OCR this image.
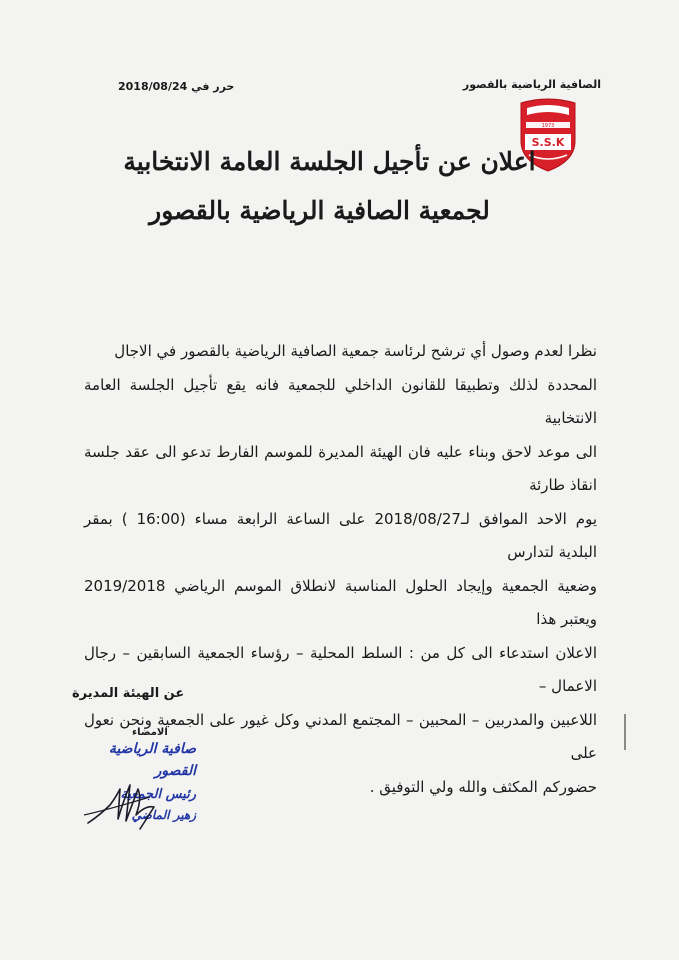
الصافية الرياضية بالقصور
1973
S.S.K
حرر في 2018/08/24
اعلان عن تأجيل الجلسة العامة الانتخابية
لجمعية الصافية الرياضية بالقصور

نظرا لعدم وصول أي ترشح لرئاسة جمعية الصافية الرياضية بالقصور في الاجال

المحددة لذلك وتطبيقا للقانون الداخلي للجمعية فانه يقع تأجيل الجلسة العامة الانتخابية

الى موعد لاحق وبناء عليه فان الهيئة المديرة للموسم الفارط تدعو الى عقد جلسة انقاذ طارئة

يوم الاحد الموافق لـ2018/08/27 على الساعة الرابعة مساء (16:00 ) بمقر البلدية لتدارس

وضعية الجمعية وإيجاد الحلول المناسبة لانطلاق الموسم الرياضي 2019/2018 ويعتبر هذا

الاعلان استدعاء الى كل من : السلط المحلية – رؤساء الجمعية السابقين – رجال الاعمال –

اللاعبين والمدربين – المحبين – المجتمع المدني وكل غيور على الجمعية ونحن نعول على

حضوركم المكثف والله ولي التوفيق .

عن الهيئة المديرة
الامضاء
صافية الرياضية القصور
رئيس الجمعية
زهير الماضي
